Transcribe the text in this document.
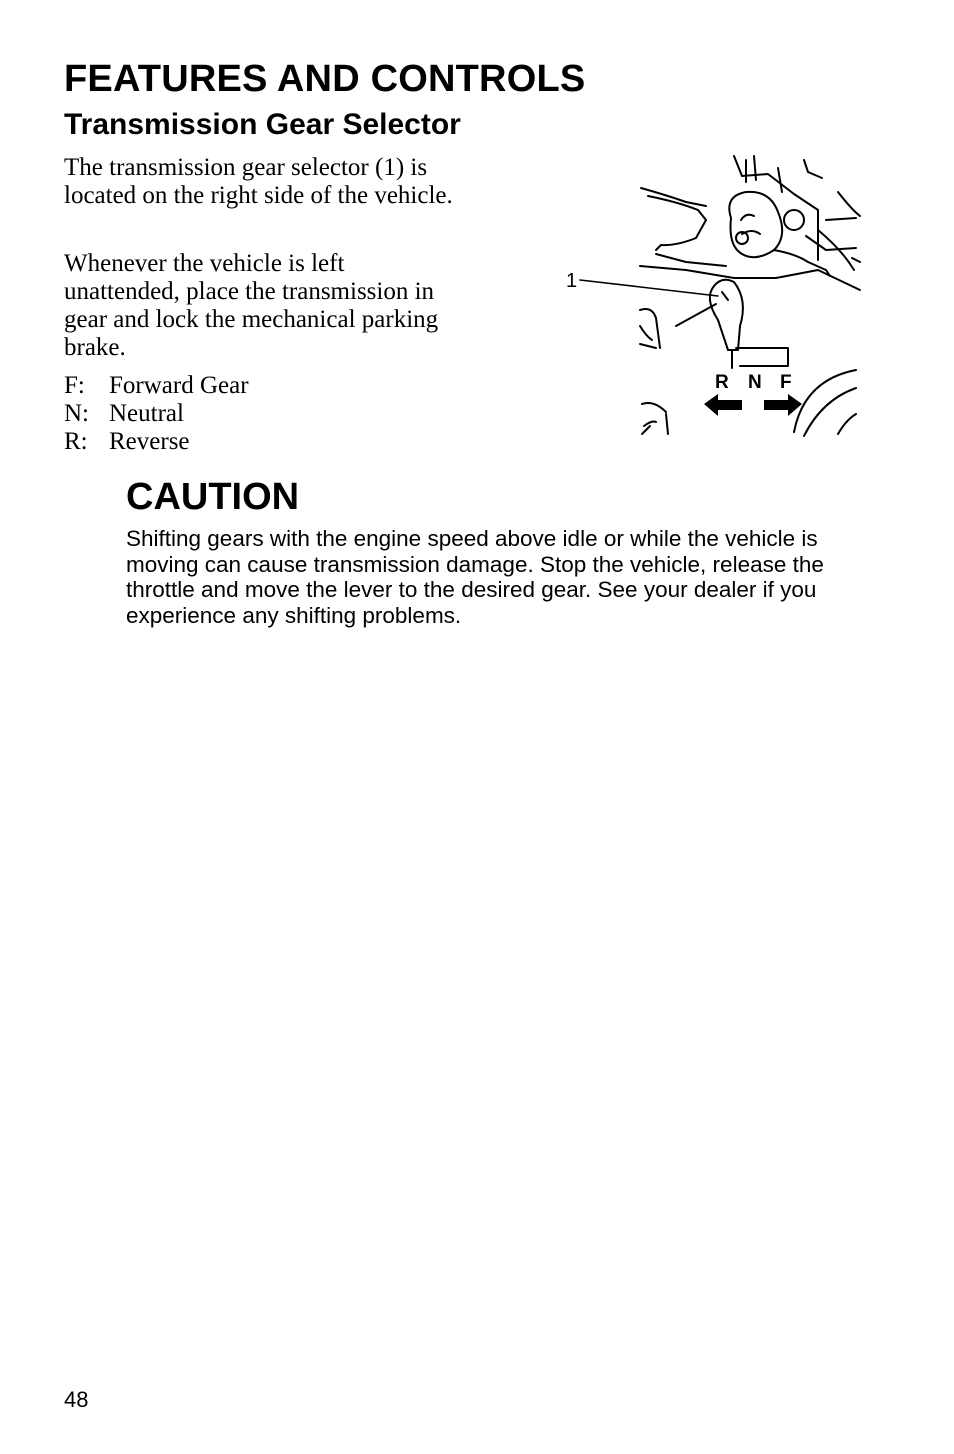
FEATURES AND CONTROLS
Transmission Gear Selector

The transmission gear selector (1) is located on the right side of the vehicle.

Whenever the vehicle is left unattended, place the transmission in gear and lock the mechanical parking brake.

F: Forward Gear
N: Neutral
R: Reverse
1
R N F
CAUTION

Shifting gears with the engine speed above idle or while the vehicle is moving can cause transmission damage. Stop the vehicle, release the throttle and move the lever to the desired gear. See your dealer if you experience any shifting problems.

48
